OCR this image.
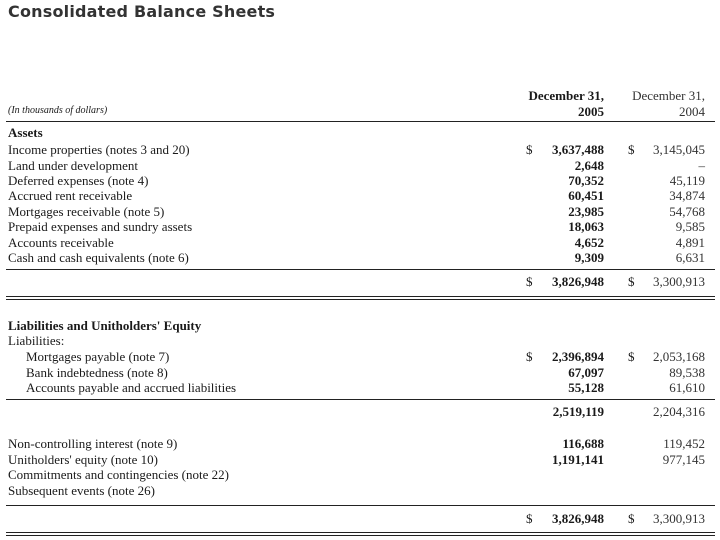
Consolidated Balance Sheets
December 31, 2005
December 31, 2004
(In thousands of dollars)
Assets
Income properties (notes 3 and 20)	$ 3,637,488 $ 3,145,045
Land under development	2,648	–
Deferred expenses (note 4)	70,352	45,119
Accrued rent receivable	60,451	34,874
Mortgages receivable (note 5)	23,985	54,768
Prepaid expenses and sundry assets	18,063	9,585
Accounts receivable	4,652	4,891
Cash and cash equivalents (note 6)	9,309	6,631
$ 3,826,948 $ 3,300,913
Liabilities and Unitholders' Equity
Liabilities:
Mortgages payable (note 7)	$ 2,396,894 $ 2,053,168
Bank indebtedness (note 8)	67,097	89,538
Accounts payable and accrued liabilities	55,128	61,610
2,519,119	2,204,316
Non-controlling interest (note 9)	116,688	119,452
Unitholders' equity (note 10)	1,191,141	977,145
Commitments and contingencies (note 22)
Subsequent events (note 26)
$ 3,826,948 $ 3,300,913
